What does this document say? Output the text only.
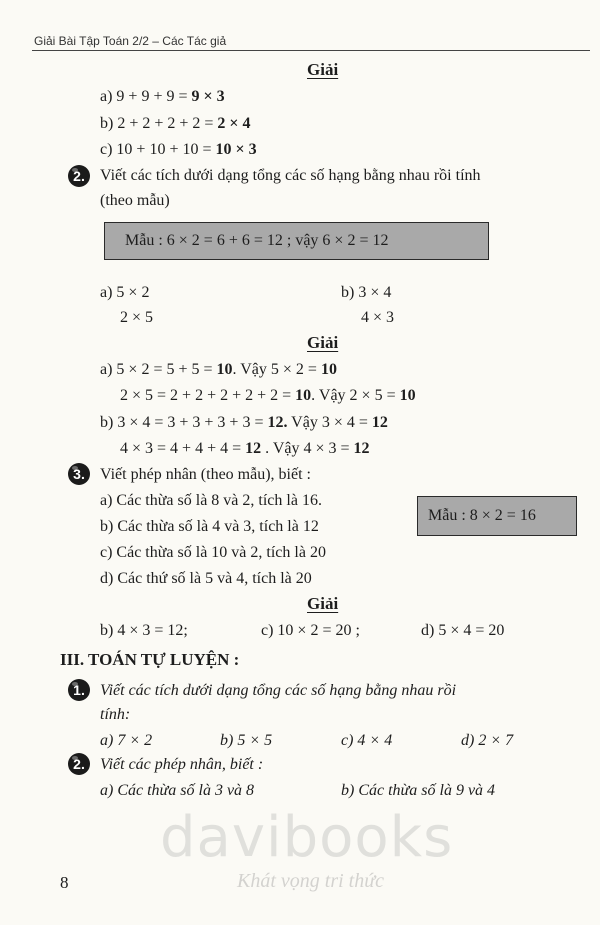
Giải Bài Tập Toán 2/2 – Các Tác giả
Giải
a) 9 + 9 + 9 = 9 × 3
b) 2 + 2 + 2 + 2 = 2 × 4
c) 10 + 10 + 10 = 10 × 3
2. Viết các tích dưới dạng tổng các số hạng bằng nhau rồi tính
(theo mẫu)
Mẫu : 6 × 2 = 6 + 6 = 12 ; vậy 6 × 2 = 12
a) 5 × 2
2 × 5
b) 3 × 4
4 × 3
Giải
a) 5 × 2 = 5 + 5 = 10. Vậy 5 × 2 = 10
2 × 5 = 2 + 2 + 2 + 2 + 2 = 10. Vậy 2 × 5 = 10
b) 3 × 4 = 3 + 3 + 3 + 3 = 12. Vậy 3 × 4 = 12
4 × 3 = 4 + 4 + 4 = 12 . Vậy 4 × 3 = 12
3. Viết phép nhân (theo mẫu), biết :
a) Các thừa số là 8 và 2, tích là 16.
b) Các thừa số là 4 và 3, tích là 12
c) Các thừa số là 10 và 2, tích là 20
d) Các thứ số là 5 và 4, tích là 20
Mẫu : 8 × 2 = 16
Giải
b) 4 × 3 = 12;	c) 10 × 2 = 20 ;	d) 5 × 4 = 20
III. TOÁN TỰ LUYỆN :
1. Viết các tích dưới dạng tổng các số hạng bằng nhau rồi
tính:
a) 7 × 2	b) 5 × 5	c) 4 × 4	d) 2 × 7
2. Viết các phép nhân, biết :
a) Các thừa số là 3 và 8	b) Các thừa số là 9 và 4
davibooks
Khát vọng tri thức
8
